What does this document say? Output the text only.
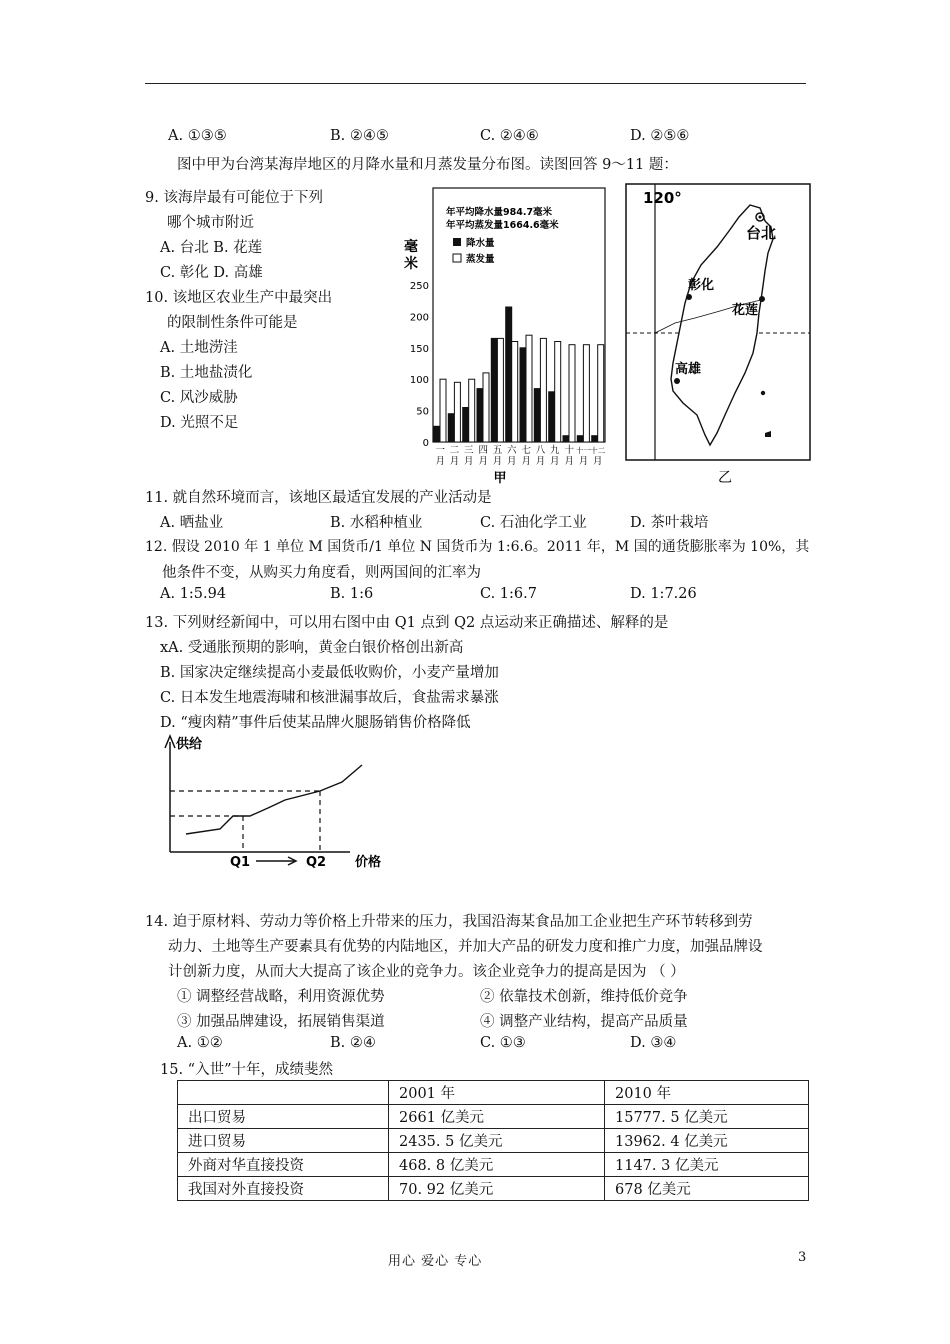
A. ①③⑤	B. ②④⑤	C. ②④⑥	D. ②⑤⑥
图中甲为台湾某海岸地区的月降水量和月蒸发量分布图。读图回答 9～11 题：
9. 该海岸最有可能位于下列
哪个城市附近
A. 台北 B. 花莲
C. 彰化 D. 高雄
10. 该地区农业生产中最突出
的限制性条件可能是
A. 土地涝洼
B. 土地盐渍化
C. 风沙威胁
D. 光照不足
年平均降水量984.7毫米
年平均蒸发量1664.6毫米
降水量
蒸发量
毫
米
0
50
100
150
200
250
一
月
二
月
三
月
四
月
五
月
六
月
七
月
八
月
九
月
十
月
十一
月
十二
月
甲
120°
台北
彰化
花莲
高雄
乙
11. 就自然环境而言，该地区最适宜发展的产业活动是
A. 晒盐业	B. 水稻种植业	C. 石油化学工业	D. 茶叶栽培
12. 假设 2010 年 1 单位 M 国货币/1 单位 N 国货币为 1:6.6。2011 年，M 国的通货膨胀率为 10%，其
他条件不变，从购买力角度看，则两国间的汇率为
A. 1:5.94	B. 1:6	C. 1:6.7	D. 1:7.26
13. 下列财经新闻中，可以用右图中由 Q1 点到 Q2 点运动来正确描述、解释的是
xA. 受通胀预期的影响，黄金白银价格创出新高
B. 国家决定继续提高小麦最低收购价，小麦产量增加
C. 日本发生地震海啸和核泄漏事故后，食盐需求暴涨
D. “瘦肉精”事件后使某品牌火腿肠销售价格降低
供给
Q1	Q2 价格
14. 迫于原材料、劳动力等价格上升带来的压力，我国沿海某食品加工企业把生产环节转移到劳
动力、土地等生产要素具有优势的内陆地区，并加大产品的研发力度和推广力度，加强品牌设
计创新力度，从而大大提高了该企业的竞争力。该企业竞争力的提高是因为 （ ）
① 调整经营战略，利用资源优势	② 依靠技术创新，维持低价竞争
③ 加强品牌建设，拓展销售渠道	④ 调整产业结构，提高产品质量
A. ①②	B. ②④	C. ①③	D. ③④
15. “入世”十年，成绩斐然
	2001 年	2010 年
出口贸易	2661 亿美元	15777. 5 亿美元
进口贸易	2435. 5 亿美元	13962. 4 亿美元
外商对华直接投资	468. 8 亿美元	1147. 3 亿美元
我国对外直接投资	70. 92 亿美元	678 亿美元
用心 爱心 专心	3
